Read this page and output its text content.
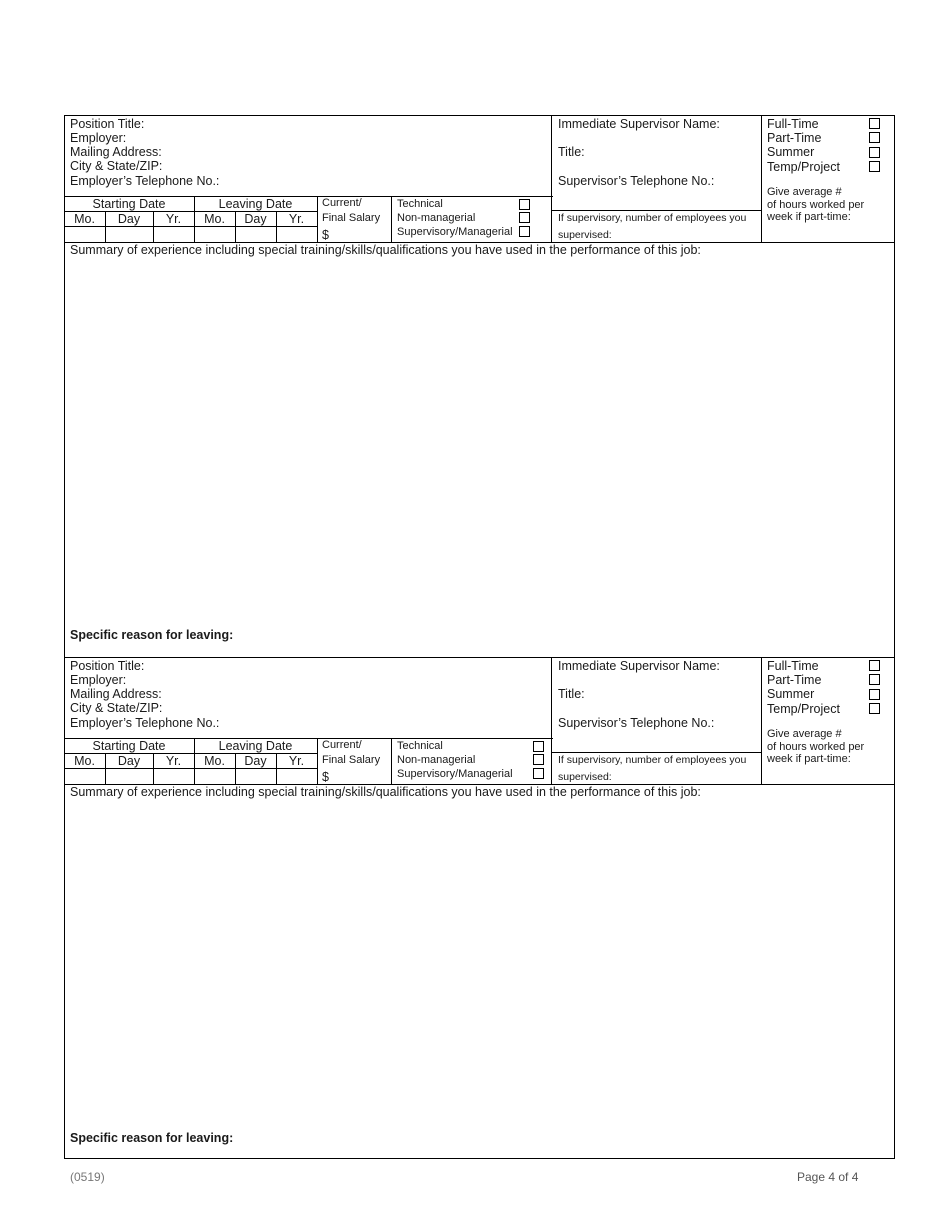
Position Title:
Employer:
Mailing Address:
City & State/ZIP:
Employer’s Telephone No.:
Starting Date	Leaving Date
Mo.	Day	Yr.	Mo.	Day	Yr.
Current/
Final Salary
$
Technical
Non-managerial
Supervisory/Managerial
Immediate Supervisor Name:
Title:
Supervisor’s Telephone No.:
If supervisory, number of employees you
supervised:
Full-Time
Part-Time
Summer
Temp/Project
Give average #
of hours worked per
week if part-time:
Summary of experience including special training/skills/qualifications you have used in the performance of this job:
Specific reason for leaving:
Position Title:
Employer:
Mailing Address:
City & State/ZIP:
Employer’s Telephone No.:
Starting Date	Leaving Date
Mo.	Day	Yr.	Mo.	Day	Yr.
Current/
Final Salary
$
Technical
Non-managerial
Supervisory/Managerial
Immediate Supervisor Name:
Title:
Supervisor’s Telephone No.:
If supervisory, number of employees you
supervised:
Full-Time
Part-Time
Summer
Temp/Project
Give average #
of hours worked per
week if part-time:
Summary of experience including special training/skills/qualifications you have used in the performance of this job:
Specific reason for leaving:
(0519)	Page 4 of 4
